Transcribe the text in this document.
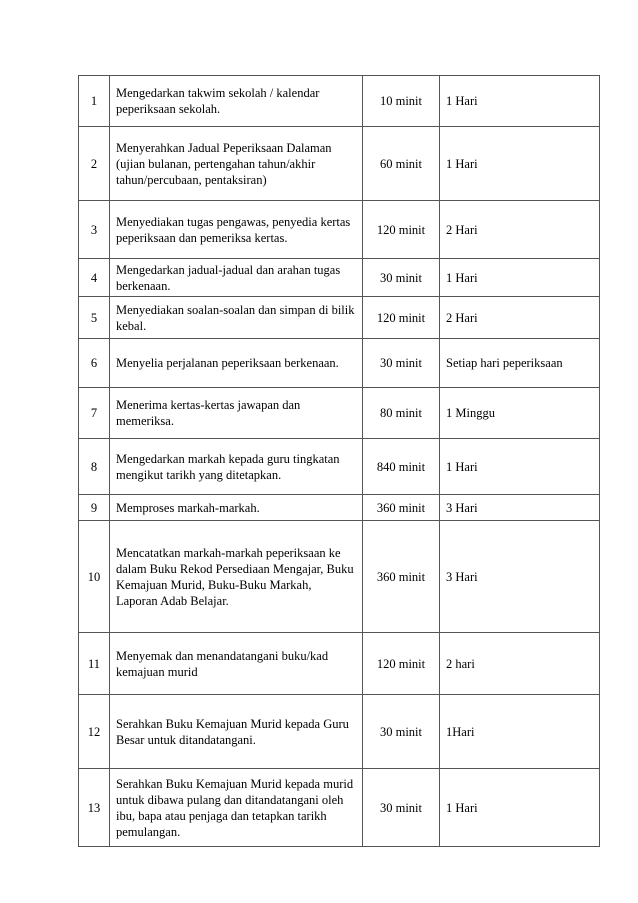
1	Mengedarkan takwim sekolah / kalendar peperiksaan sekolah.	10 minit	1 Hari
2	Menyerahkan Jadual Peperiksaan Dalaman (ujian bulanan, pertengahan tahun/akhir tahun/percubaan, pentaksiran)	60 minit	1 Hari
3	Menyediakan tugas pengawas, penyedia kertas peperiksaan dan pemeriksa kertas.	120 minit	2 Hari
4	Mengedarkan jadual-jadual dan arahan tugas berkenaan.	30 minit	1 Hari
5	Menyediakan soalan-soalan dan simpan di bilik kebal.	120 minit	2 Hari
6	Menyelia perjalanan peperiksaan berkenaan.	30 minit	Setiap hari peperiksaan
7	Menerima kertas-kertas jawapan dan memeriksa.	80 minit	1 Minggu
8	Mengedarkan markah kepada guru tingkatan mengikut tarikh yang ditetapkan.	840 minit	1 Hari
9	Memproses markah-markah.	360 minit	3 Hari
10	Mencatatkan markah-markah peperiksaan ke dalam Buku Rekod Persediaan Mengajar, Buku Kemajuan Murid, Buku-Buku Markah, Laporan Adab Belajar.	360 minit	3 Hari
11	Menyemak dan menandatangani buku/kad kemajuan murid	120 minit	2 hari
12	Serahkan Buku Kemajuan Murid kepada Guru Besar untuk ditandatangani.	30 minit	1Hari
13	Serahkan Buku Kemajuan Murid kepada murid untuk dibawa pulang dan ditandatangani oleh ibu, bapa atau penjaga dan tetapkan tarikh pemulangan.	30 minit	1 Hari
